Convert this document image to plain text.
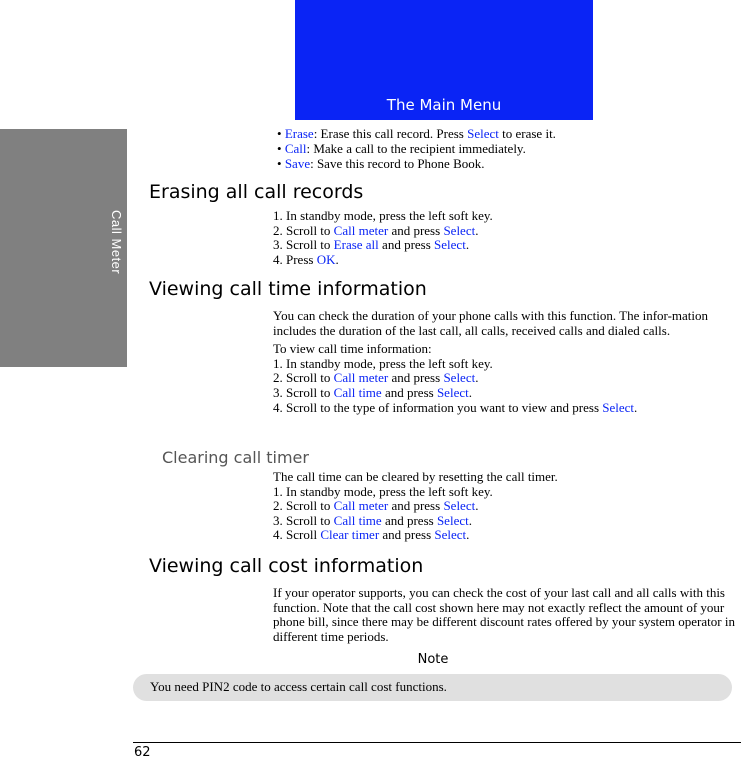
Call Meter
The Main Menu
• Erase: Erase this call record. Press Select to erase it.
• Call: Make a call to the recipient immediately.
• Save: Save this record to Phone Book.
Erasing all call records

1. In standby mode, press the left soft key.

2. Scroll to Call meter and press Select.

3. Scroll to Erase all and press Select.

4. Press OK.

Viewing call time information

You can check the duration of your phone calls with this function. The infor-mation includes the duration of the last call, all calls, received calls and dialed calls.

To view call time information:

1. In standby mode, press the left soft key.

2. Scroll to Call meter and press Select.

3. Scroll to Call time and press Select.

4. Scroll to the type of information you want to view and press Select.

Clearing call timer

The call time can be cleared by resetting the call timer.

1. In standby mode, press the left soft key.

2. Scroll to Call meter and press Select.

3. Scroll to Call time and press Select.

4. Scroll Clear timer and press Select.

Viewing call cost information

If your operator supports, you can check the cost of your last call and all calls with this function. Note that the call cost shown here may not exactly reflect the amount of your phone bill, since there may be different discount rates offered by your system operator in different time periods.

Note
You need PIN2 code to access certain call cost functions.
62
